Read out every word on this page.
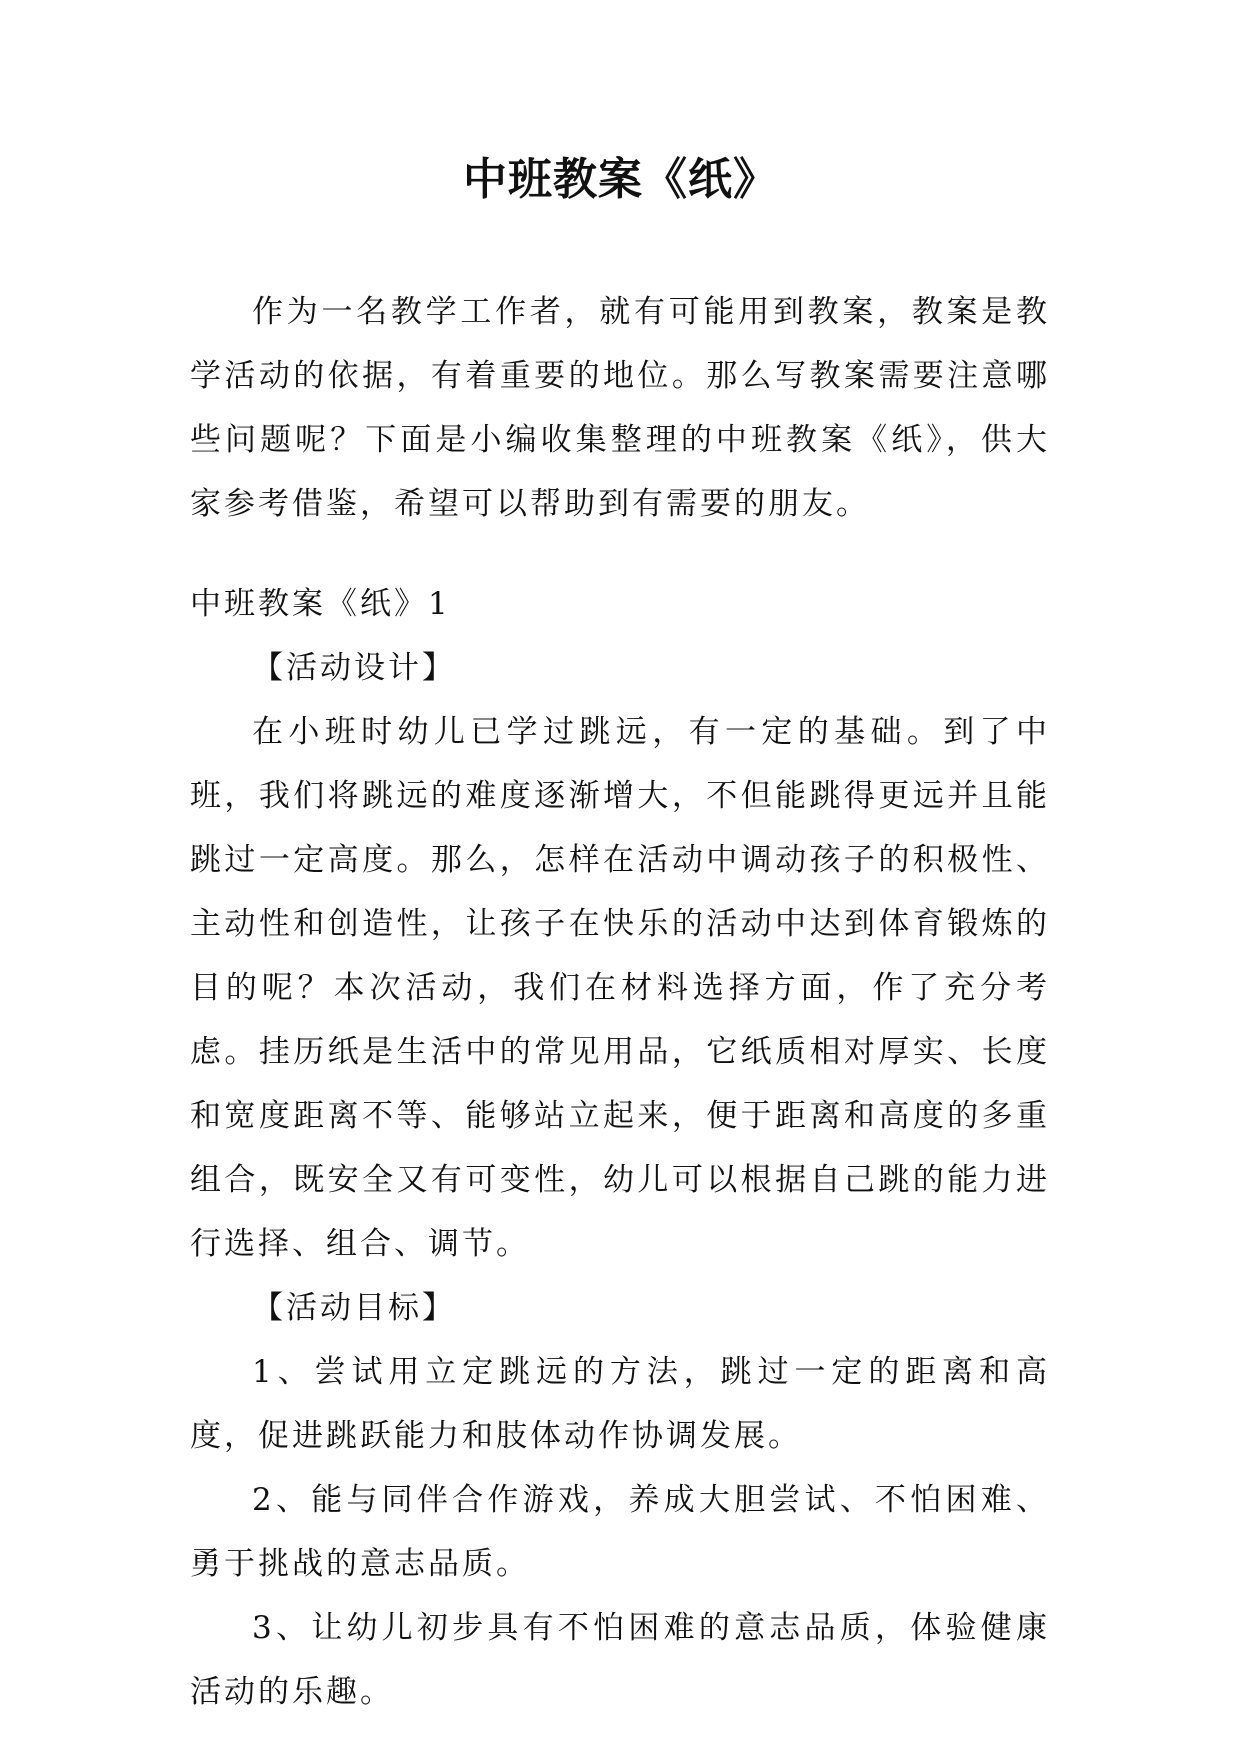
中班教案《纸》

作为一名教学工作者，就有可能用到教案，教案是教学活动的依据，有着重要的地位。那么写教案需要注意哪些问题呢？下面是小编收集整理的中班教案《纸》，供大家参考借鉴，希望可以帮助到有需要的朋友。

中班教案《纸》1

【活动设计】

在小班时幼儿已学过跳远，有一定的基础。到了中班，我们将跳远的难度逐渐增大，不但能跳得更远并且能跳过一定高度。那么，怎样在活动中调动孩子的积极性、主动性和创造性，让孩子在快乐的活动中达到体育锻炼的目的呢？本次活动，我们在材料选择方面，作了充分考虑。挂历纸是生活中的常见用品，它纸质相对厚实、长度和宽度距离不等、能够站立起来，便于距离和高度的多重组合，既安全又有可变性，幼儿可以根据自己跳的能力进行选择、组合、调节。

【活动目标】

1、尝试用立定跳远的方法，跳过一定的距离和高度，促进跳跃能力和肢体动作协调发展。

2、能与同伴合作游戏，养成大胆尝试、不怕困难、勇于挑战的意志品质。

3、让幼儿初步具有不怕困难的意志品质，体验健康活动的乐趣。
